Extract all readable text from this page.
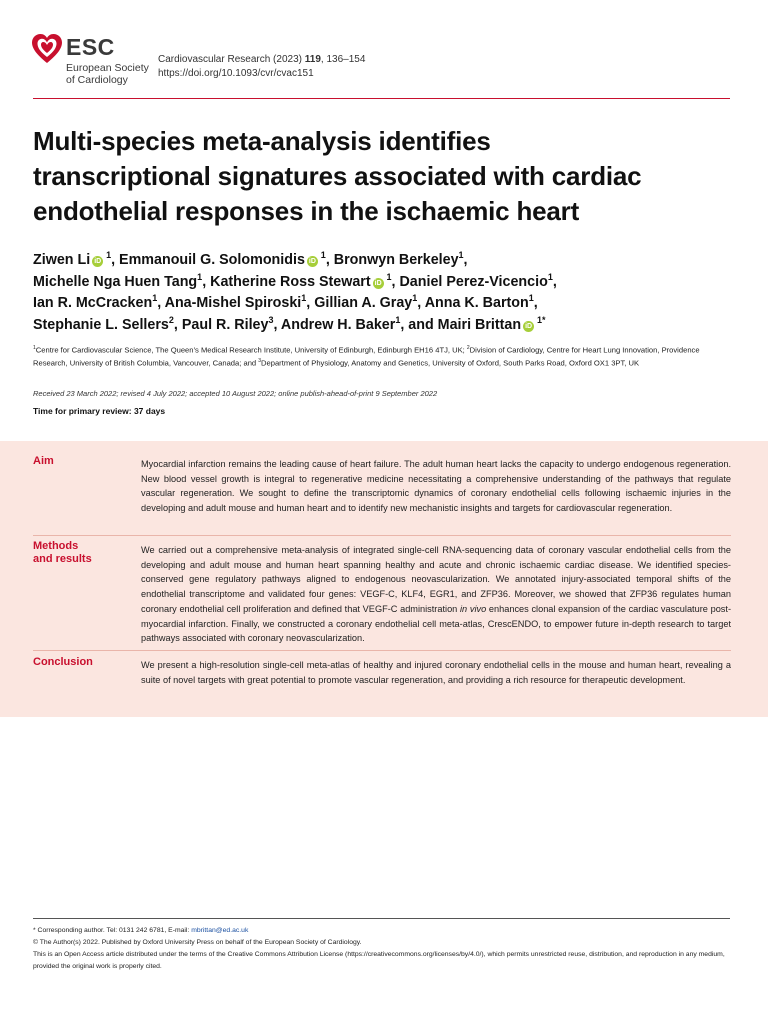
ESC
European Society
of Cardiology
Cardiovascular Research (2023) 119, 136–154
https://doi.org/10.1093/cvr/cvac151
Multi-species meta-analysis identifies
transcriptional signatures associated with cardiac
endothelial responses in the ischaemic heart
Ziwen Li iD $^1$, Emmanouil G. Solomonidis iD $^1$, Bronwyn Berkeley$^1$,
Michelle Nga Huen Tang$^1$, Katherine Ross Stewart iD $^1$, Daniel Perez-Vicencio$^1$,
Ian R. McCracken$^1$, Ana-Mishel Spiroski$^1$, Gillian A. Gray$^1$, Anna K. Barton$^1$,
Stephanie L. Sellers$^2$, Paul R. Riley$^3$, Andrew H. Baker$^1$, and Mairi Brittan iD $^{1*}$
$^1$Centre for Cardiovascular Science, The Queen’s Medical Research Institute, University of Edinburgh, Edinburgh EH16 4TJ, UK; $^2$Division of Cardiology, Centre for Heart Lung Innovation, Providence Research, University of British Columbia, Vancouver, Canada; and $^3$Department of Physiology, Anatomy and Genetics, University of Oxford, South Parks Road, Oxford OX1 3PT, UK
Received 23 March 2022; revised 4 July 2022; accepted 10 August 2022; online publish-ahead-of-print 9 September 2022
Time for primary review: 37 days
Aim	Myocardial infarction remains the leading cause of heart failure. The adult human heart lacks the capacity to undergo endogenous regeneration. New blood vessel growth is integral to regenerative medicine necessitating a comprehensive understanding of the pathways that regulate vascular regeneration. We sought to define the transcriptomic dynamics of coronary endothelial cells following ischaemic injuries in the developing and adult mouse and human heart and to identify new mechanistic insights and targets for cardiovascular regeneration.
Methods
and results
We carried out a comprehensive meta-analysis of integrated single-cell RNA-sequencing data of coronary vascular endothelial cells from the developing and adult mouse and human heart spanning healthy and acute and chronic ischaemic cardiac disease. We identified species-conserved gene regulatory pathways aligned to endogenous neovascularization. We annotated injury-associated temporal shifts of the endothelial transcriptome and validated four genes: VEGF-C, KLF4, EGR1, and ZFP36. Moreover, we showed that ZFP36 regulates human coronary endothelial cell proliferation and defined that VEGF-C administration in vivo enhances clonal expansion of the cardiac vasculature post-myocardial infarction. Finally, we constructed a coronary endothelial cell meta-atlas, CrescENDO, to empower future in-depth research to target pathways associated with coronary neovascularization.
Conclusion	We present a high-resolution single-cell meta-atlas of healthy and injured coronary endothelial cells in the mouse and human heart, revealing a suite of novel targets with great potential to promote vascular regeneration, and providing a rich resource for therapeutic development.
* Corresponding author. Tel: 0131 242 6781, E-mail: mbrittan@ed.ac.uk
© The Author(s) 2022. Published by Oxford University Press on behalf of the European Society of Cardiology.
This is an Open Access article distributed under the terms of the Creative Commons Attribution License (https://creativecommons.org/licenses/by/4.0/), which permits unrestricted reuse, distribution, and reproduction in any medium, provided the original work is properly cited.
